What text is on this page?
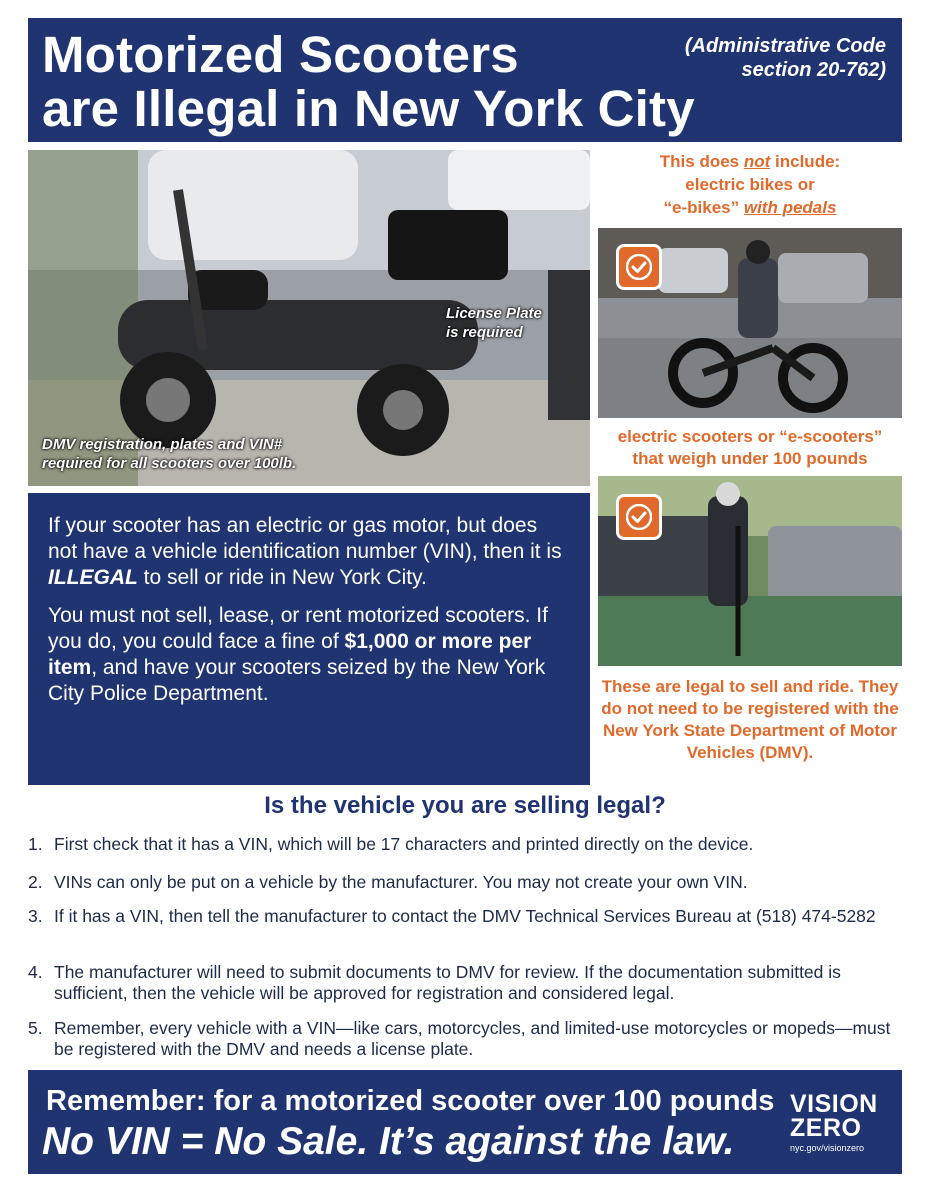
Motorized Scooters
are Illegal in New York City
(Administrative Code
section 20-762)
License Plate
is required
DMV registration, plates and VIN#
required for all scooters over 100lb.

If your scooter has an electric or gas motor, but does not have a vehicle identification number (VIN), then it is ILLEGAL to sell or ride in New York City.

You must not sell, lease, or rent motorized scooters. If you do, you could face a fine of $1,000 or more per item, and have your scooters seized by the New York City Police Department.

This does not include:
electric bikes or
“e-bikes” with pedals
electric scooters or “e-scooters”
that weigh under 100 pounds
These are legal to sell and ride. They do not need to be registered with the New York State Department of Motor Vehicles (DMV).
Is the vehicle you are selling legal?
1. First check that it has a VIN, which will be 17 characters and printed directly on the device.
2. VINs can only be put on a vehicle by the manufacturer. You may not create your own VIN.
3. If it has a VIN, then tell the manufacturer to contact the DMV Technical Services Bureau at (518) 474-5282
4. The manufacturer will need to submit documents to DMV for review. If the documentation submitted is sufficient, then the vehicle will be approved for registration and considered legal.
5. Remember, every vehicle with a VIN—like cars, motorcycles, and limited-use motorcycles or mopeds—must be registered with the DMV and needs a license plate.
Remember: for a motorized scooter over 100 pounds
No VIN = No Sale. It’s against the law.
VISION
ZERO
nyc.gov/visionzero
